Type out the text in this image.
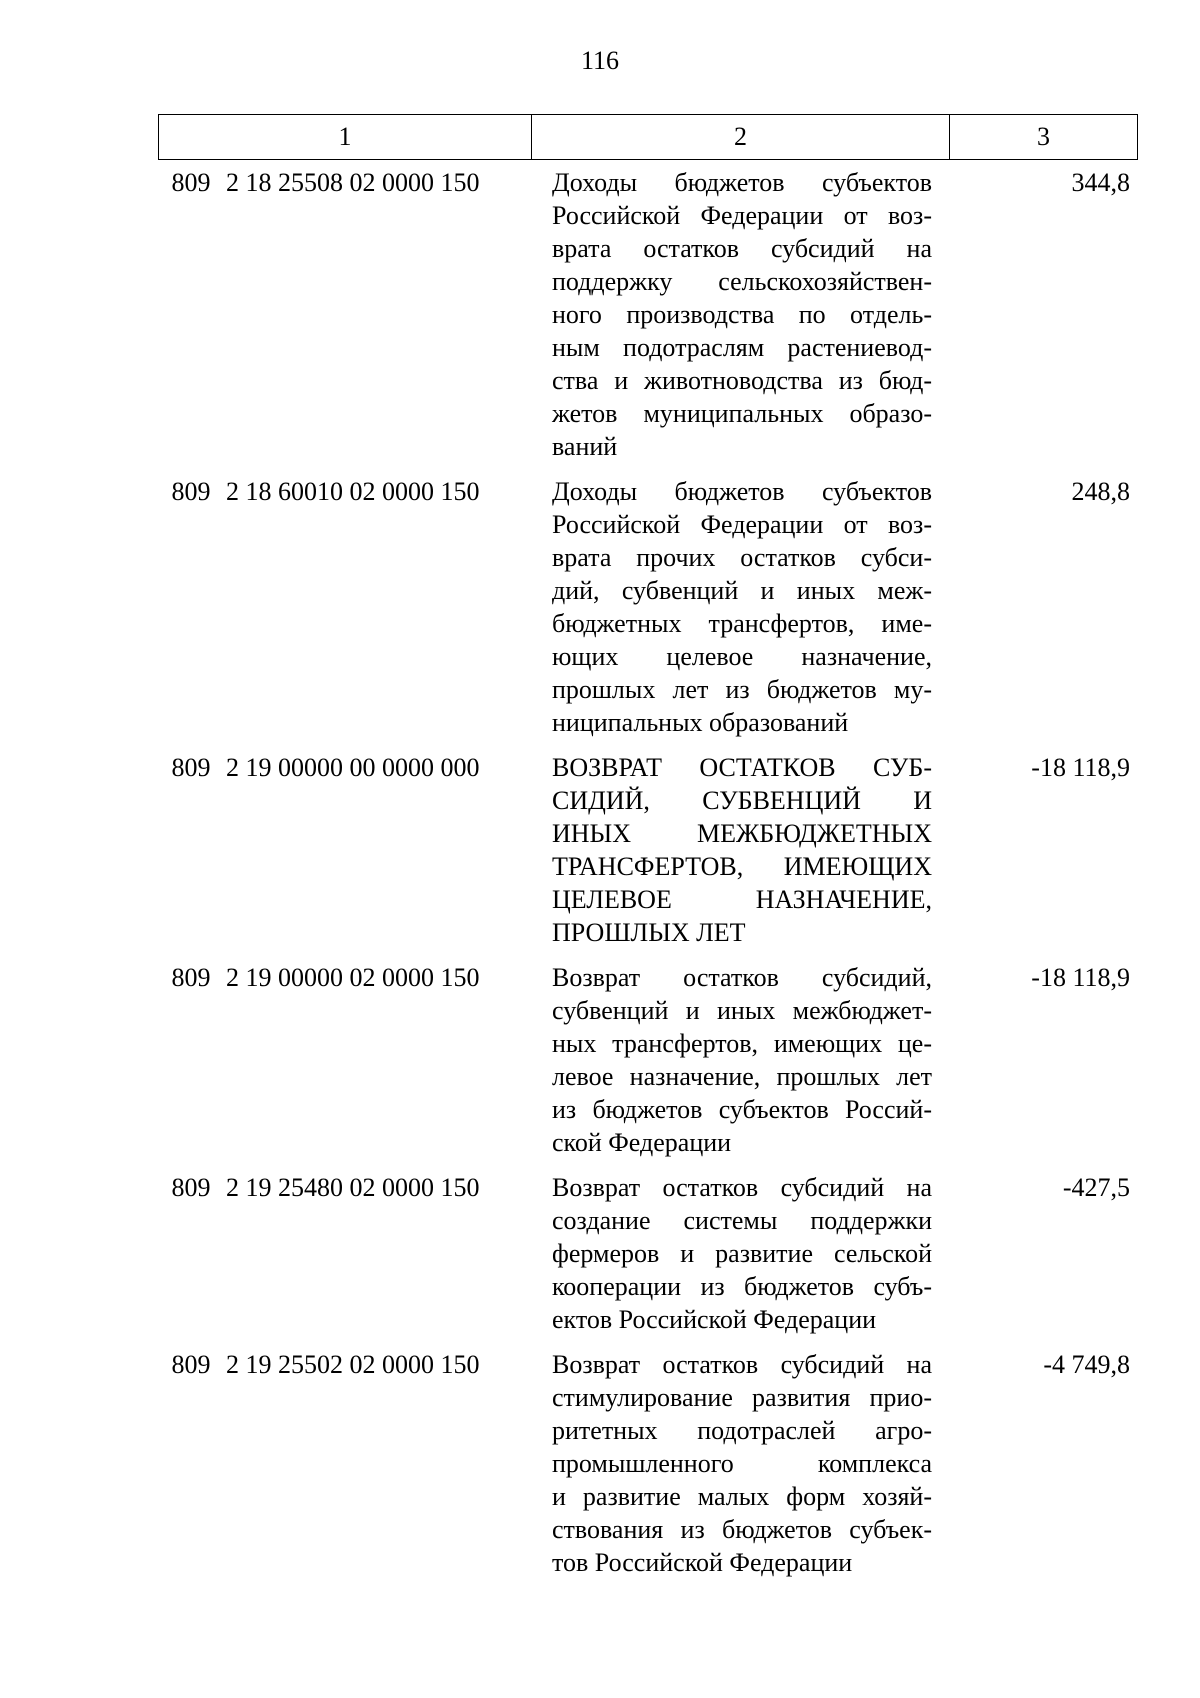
116
1	2	3
809 2 18 25508 02 0000 150	Доходы бюджетов субъектов
Российской Федерации от воз-
врата остатков субсидий на
поддержку сельскохозяйствен-
ного производства по отдель-
ным подотраслям растениевод-
ства и животноводства из бюд-
жетов муниципальных образо-
ваний
344,8
809 2 18 60010 02 0000 150	Доходы бюджетов субъектов
Российской Федерации от воз-
врата прочих остатков субси-
дий, субвенций и иных меж-
бюджетных трансфертов, име-
ющих целевое назначение,
прошлых лет из бюджетов му-
ниципальных образований
248,8
809 2 19 00000 00 0000 000	ВОЗВРАТ ОСТАТКОВ СУБ-
СИДИЙ, СУБВЕНЦИЙ И
ИНЫХ МЕЖБЮДЖЕТНЫХ
ТРАНСФЕРТОВ, ИМЕЮЩИХ
ЦЕЛЕВОЕ НАЗНАЧЕНИЕ,
ПРОШЛЫХ ЛЕТ
-18 118,9
809 2 19 00000 02 0000 150	Возврат остатков субсидий,
субвенций и иных межбюджет-
ных трансфертов, имеющих це-
левое назначение, прошлых лет
из бюджетов субъектов Россий-
ской Федерации
-18 118,9
809 2 19 25480 02 0000 150	Возврат остатков субсидий на
создание системы поддержки
фермеров и развитие сельской
кооперации из бюджетов субъ-
ектов Российской Федерации
-427,5
809 2 19 25502 02 0000 150	Возврат остатков субсидий на
стимулирование развития прио-
ритетных подотраслей агро-
промышленного комплекса
и развитие малых форм хозяй-
ствования из бюджетов субъек-
тов Российской Федерации
-4 749,8
